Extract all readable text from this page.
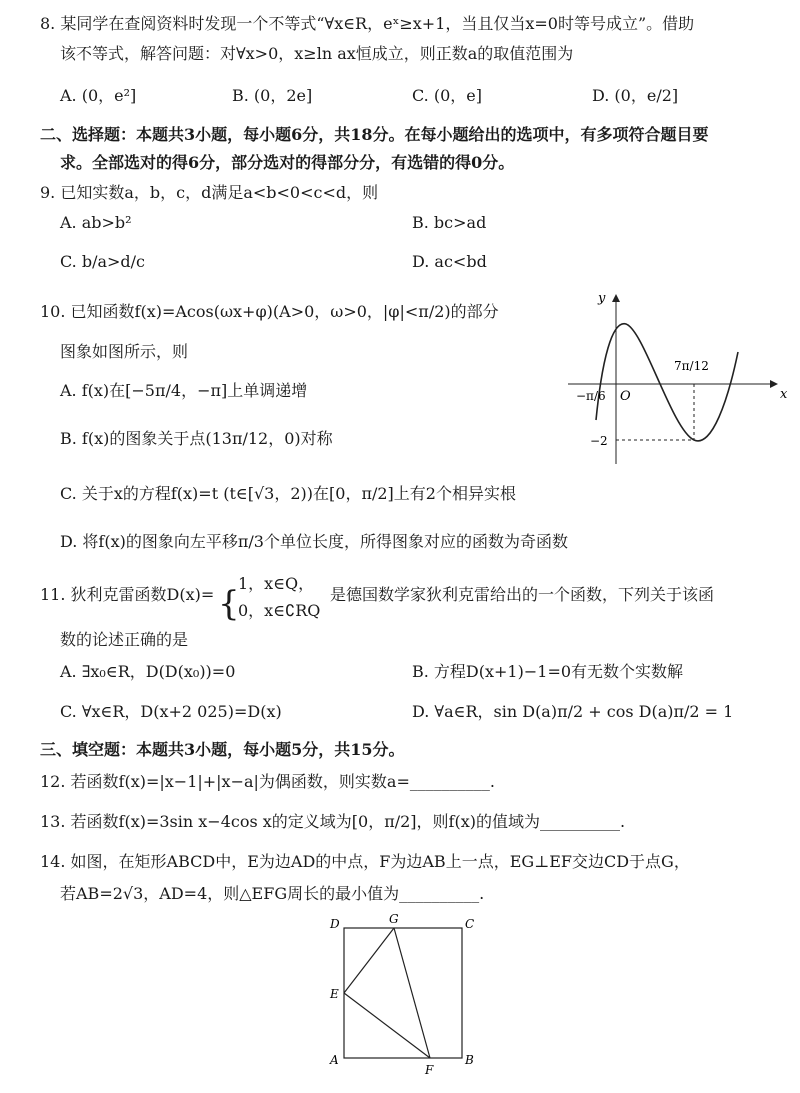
8. 某同学在查阅资料时发现一个不等式“∀x∈R，eˣ≥x+1，当且仅当x=0时等号成立”。借助
该不等式，解答问题：对∀x>0，x≥ln ax恒成立，则正数a的取值范围为
A. (0，e²]	B. (0，2e]	C. (0，e]	D. (0，e/2]
二、选择题：本题共3小题，每小题6分，共18分。在每小题给出的选项中，有多项符合题目要
求。全部选对的得6分，部分选对的得部分分，有选错的得0分。
9. 已知实数a，b，c，d满足a<b<0<c<d，则
A. ab>b²	B. bc>ad
C. b/a>d/c	D. ac<bd
10. 已知函数f(x)=Acos(ωx+φ)(A>0，ω>0，|φ|<π/2)的部分
图象如图所示，则
A. f(x)在[−5π/4，−π]上单调递增
B. f(x)的图象关于点(13π/12，0)对称
C. 关于x的方程f(x)=t (t∈[√3，2))在[0，π/2]上有2个相异实根
D. 将f(x)的图象向左平移π/3个单位长度，所得图象对应的函数为奇函数
y
x
O
−π/6
7π/12
−2
11. 狄利克雷函数D(x)= {
1，x∈Q，
0，x∈∁RQ
是德国数学家狄利克雷给出的一个函数，下列关于该函
数的论述正确的是
A. ∃x₀∈R，D(D(x₀))=0	B. 方程D(x+1)−1=0有无数个实数解
C. ∀x∈R，D(x+2 025)=D(x)	D. ∀a∈R，sin D(a)π/2 + cos D(a)π/2 = 1
三、填空题：本题共3小题，每小题5分，共15分。
12. 若函数f(x)=|x−1|+|x−a|为偶函数，则实数a=__________.
13. 若函数f(x)=3sin x−4cos x的定义域为[0，π/2]，则f(x)的值域为__________.
14. 如图，在矩形ABCD中，E为边AD的中点，F为边AB上一点，EG⊥EF交边CD于点G，
若AB=2√3，AD=4，则△EFG周长的最小值为__________.
D	G	C
E
A
F
B
